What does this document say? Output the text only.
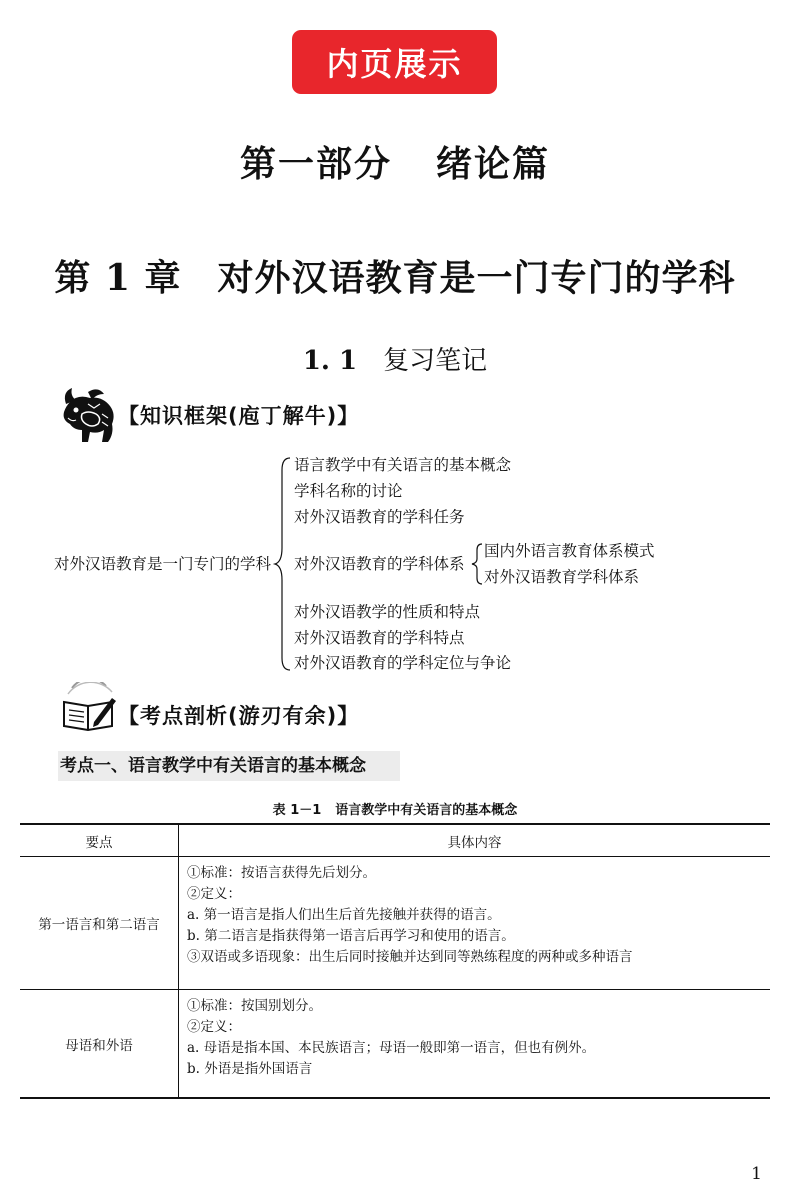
内页展示
第一部分 绪论篇
第 1 章 对外汉语教育是一门专门的学科
1. 1 复习笔记
【知识框架(庖丁解牛)】
对外汉语教育是一门专门的学科
语言教学中有关语言的基本概念
学科名称的讨论
对外汉语教育的学科任务
对外汉语教育的学科体系
对外汉语教学的性质和特点
对外汉语教育的学科特点
对外汉语教育的学科定位与争论
国内外语言教育体系模式
对外汉语教育学科体系
【考点剖析(游刃有余)】
考点一、语言教学中有关语言的基本概念
表 1－1 语言教学中有关语言的基本概念
要点	具体内容
第一语言和第二语言	①标准：按语言获得先后划分。
②定义：
a. 第一语言是指人们出生后首先接触并获得的语言。
b. 第二语言是指获得第一语言后再学习和使用的语言。
③双语或多语现象：出生后同时接触并达到同等熟练程度的两种或多种语言

母语和外语	①标准：按国别划分。
②定义：
a. 母语是指本国、本民族语言；母语一般即第一语言，但也有例外。
b. 外语是指外国语言
1
